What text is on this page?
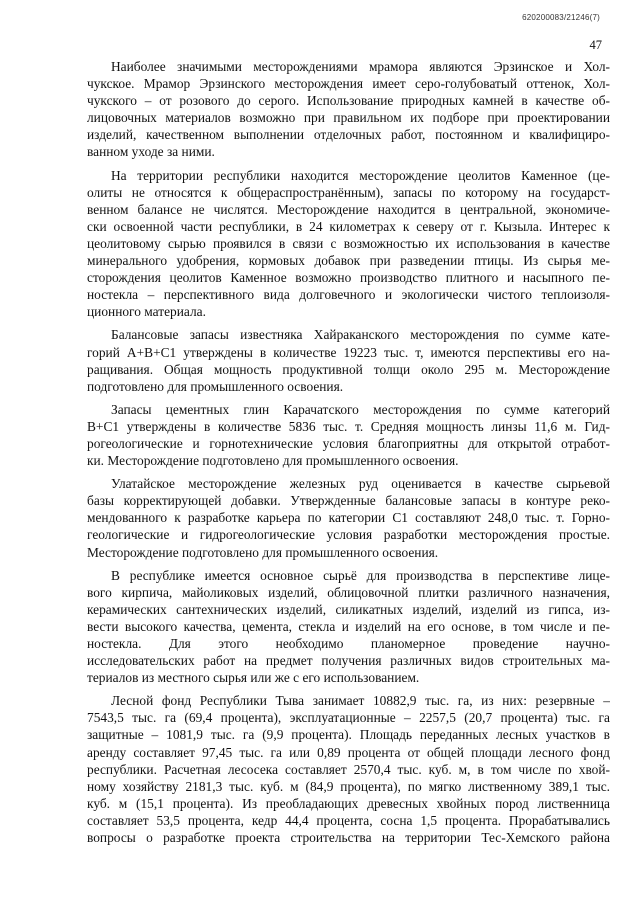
620200083/21246(7)
47
Наиболее значимыми месторождениями мрамора являются Эрзинское и Хол-
чукское. Мрамор Эрзинского месторождения имеет серо-голубоватый оттенок, Хол-
чукского – от розового до серого. Использование природных камней в качестве об-
лицовочных материалов возможно при правильном их подборе при проектировании
изделий, качественном выполнении отделочных работ, постоянном и квалифициро-
ванном уходе за ними.
На территории республики находится месторождение цеолитов Каменное (це-
олиты не относятся к общераспространённым), запасы по которому на государст-
венном балансе не числятся. Месторождение находится в центральной, экономиче-
ски освоенной части республики, в 24 километрах к северу от г. Кызыла. Интерес к
цеолитовому сырью проявился в связи с возможностью их использования в качестве
минерального удобрения, кормовых добавок при разведении птицы. Из сырья ме-
сторождения цеолитов Каменное возможно производство плитного и насыпного пе-
ностекла – перспективного вида долговечного и экологически чистого теплоизоля-
ционного материала.
Балансовые запасы известняка Хайраканского месторождения по сумме кате-
горий А+В+С1 утверждены в количестве 19223 тыс. т, имеются перспективы его на-
ращивания. Общая мощность продуктивной толщи около 295 м. Месторождение
подготовлено для промышленного освоения.
Запасы цементных глин Карачатского месторождения по сумме категорий
В+С1 утверждены в количестве 5836 тыс. т. Средняя мощность линзы 11,6 м. Гид-
рогеологические и горнотехнические условия благоприятны для открытой отработ-
ки. Месторождение подготовлено для промышленного освоения.
Улатайское месторождение железных руд оценивается в качестве сырьевой
базы корректирующей добавки. Утвержденные балансовые запасы в контуре реко-
мендованного к разработке карьера по категории С1 составляют 248,0 тыс. т. Горно-
геологические и гидрогеологические условия разработки месторождения простые.
Месторождение подготовлено для промышленного освоения.
В республике имеется основное сырьё для производства в перспективе лице-
вого кирпича, майоликовых изделий, облицовочной плитки различного назначения,
керамических сантехнических изделий, силикатных изделий, изделий из гипса, из-
вести высокого качества, цемента, стекла и изделий на его основе, в том числе и пе-
ностекла. Для этого необходимо планомерное проведение научно-
исследовательских работ на предмет получения различных видов строительных ма-
териалов из местного сырья или же с его использованием.
Лесной фонд Республики Тыва занимает 10882,9 тыс. га, из них: резервные –
7543,5 тыс. га (69,4 процента), эксплуатационные – 2257,5 (20,7 процента) тыс. га
защитные – 1081,9 тыс. га (9,9 процента). Площадь переданных лесных участков в
аренду составляет 97,45 тыс. га или 0,89 процента от общей площади лесного фонд
республики. Расчетная лесосека составляет 2570,4 тыс. куб. м, в том числе по хвой-
ному хозяйству 2181,3 тыс. куб. м (84,9 процента), по мягко лиственному 389,1 тыс.
куб. м (15,1 процента). Из преобладающих древесных хвойных пород лиственница
составляет 53,5 процента, кедр 44,4 процента, сосна 1,5 процента. Прорабатывались
вопросы о разработке проекта строительства на территории Тес-Хемского района
